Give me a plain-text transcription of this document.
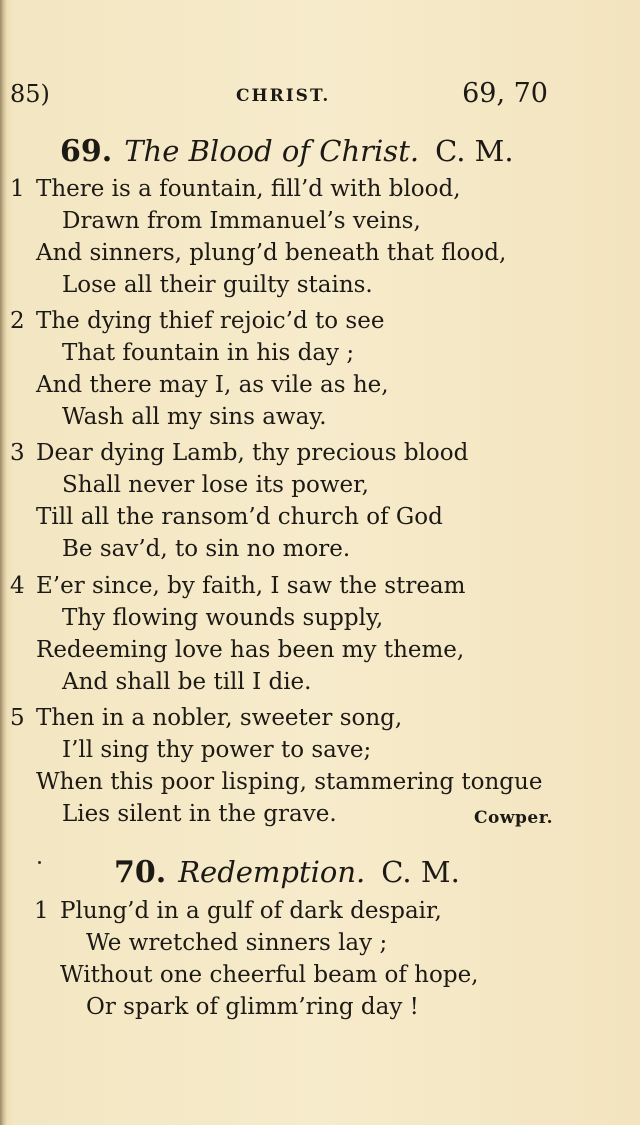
85)	CHRIST.	69, 70
69. The Blood of Christ. C. M.
1 There is a fountain, fill’d with blood,
Drawn from Immanuel’s veins,
And sinners, plung’d beneath that flood,
Lose all their guilty stains.
2 The dying thief rejoic’d to see
That fountain in his day ;
And there may I, as vile as he,
Wash all my sins away.
3 Dear dying Lamb, thy precious blood
Shall never lose its power,
Till all the ransom’d church of God
Be sav’d, to sin no more.
4 E’er since, by faith, I saw the stream
Thy flowing wounds supply,
Redeeming love has been my theme,
And shall be till I die.
5 Then in a nobler, sweeter song,
I’ll sing thy power to save;
When this poor lisping, stammering tongue
Lies silent in the grave.	Cowper.
70. Redemption. C. M.
1 Plung’d in a gulf of dark despair,
We wretched sinners lay ;
Without one cheerful beam of hope,
Or spark of glimm’ring day !
